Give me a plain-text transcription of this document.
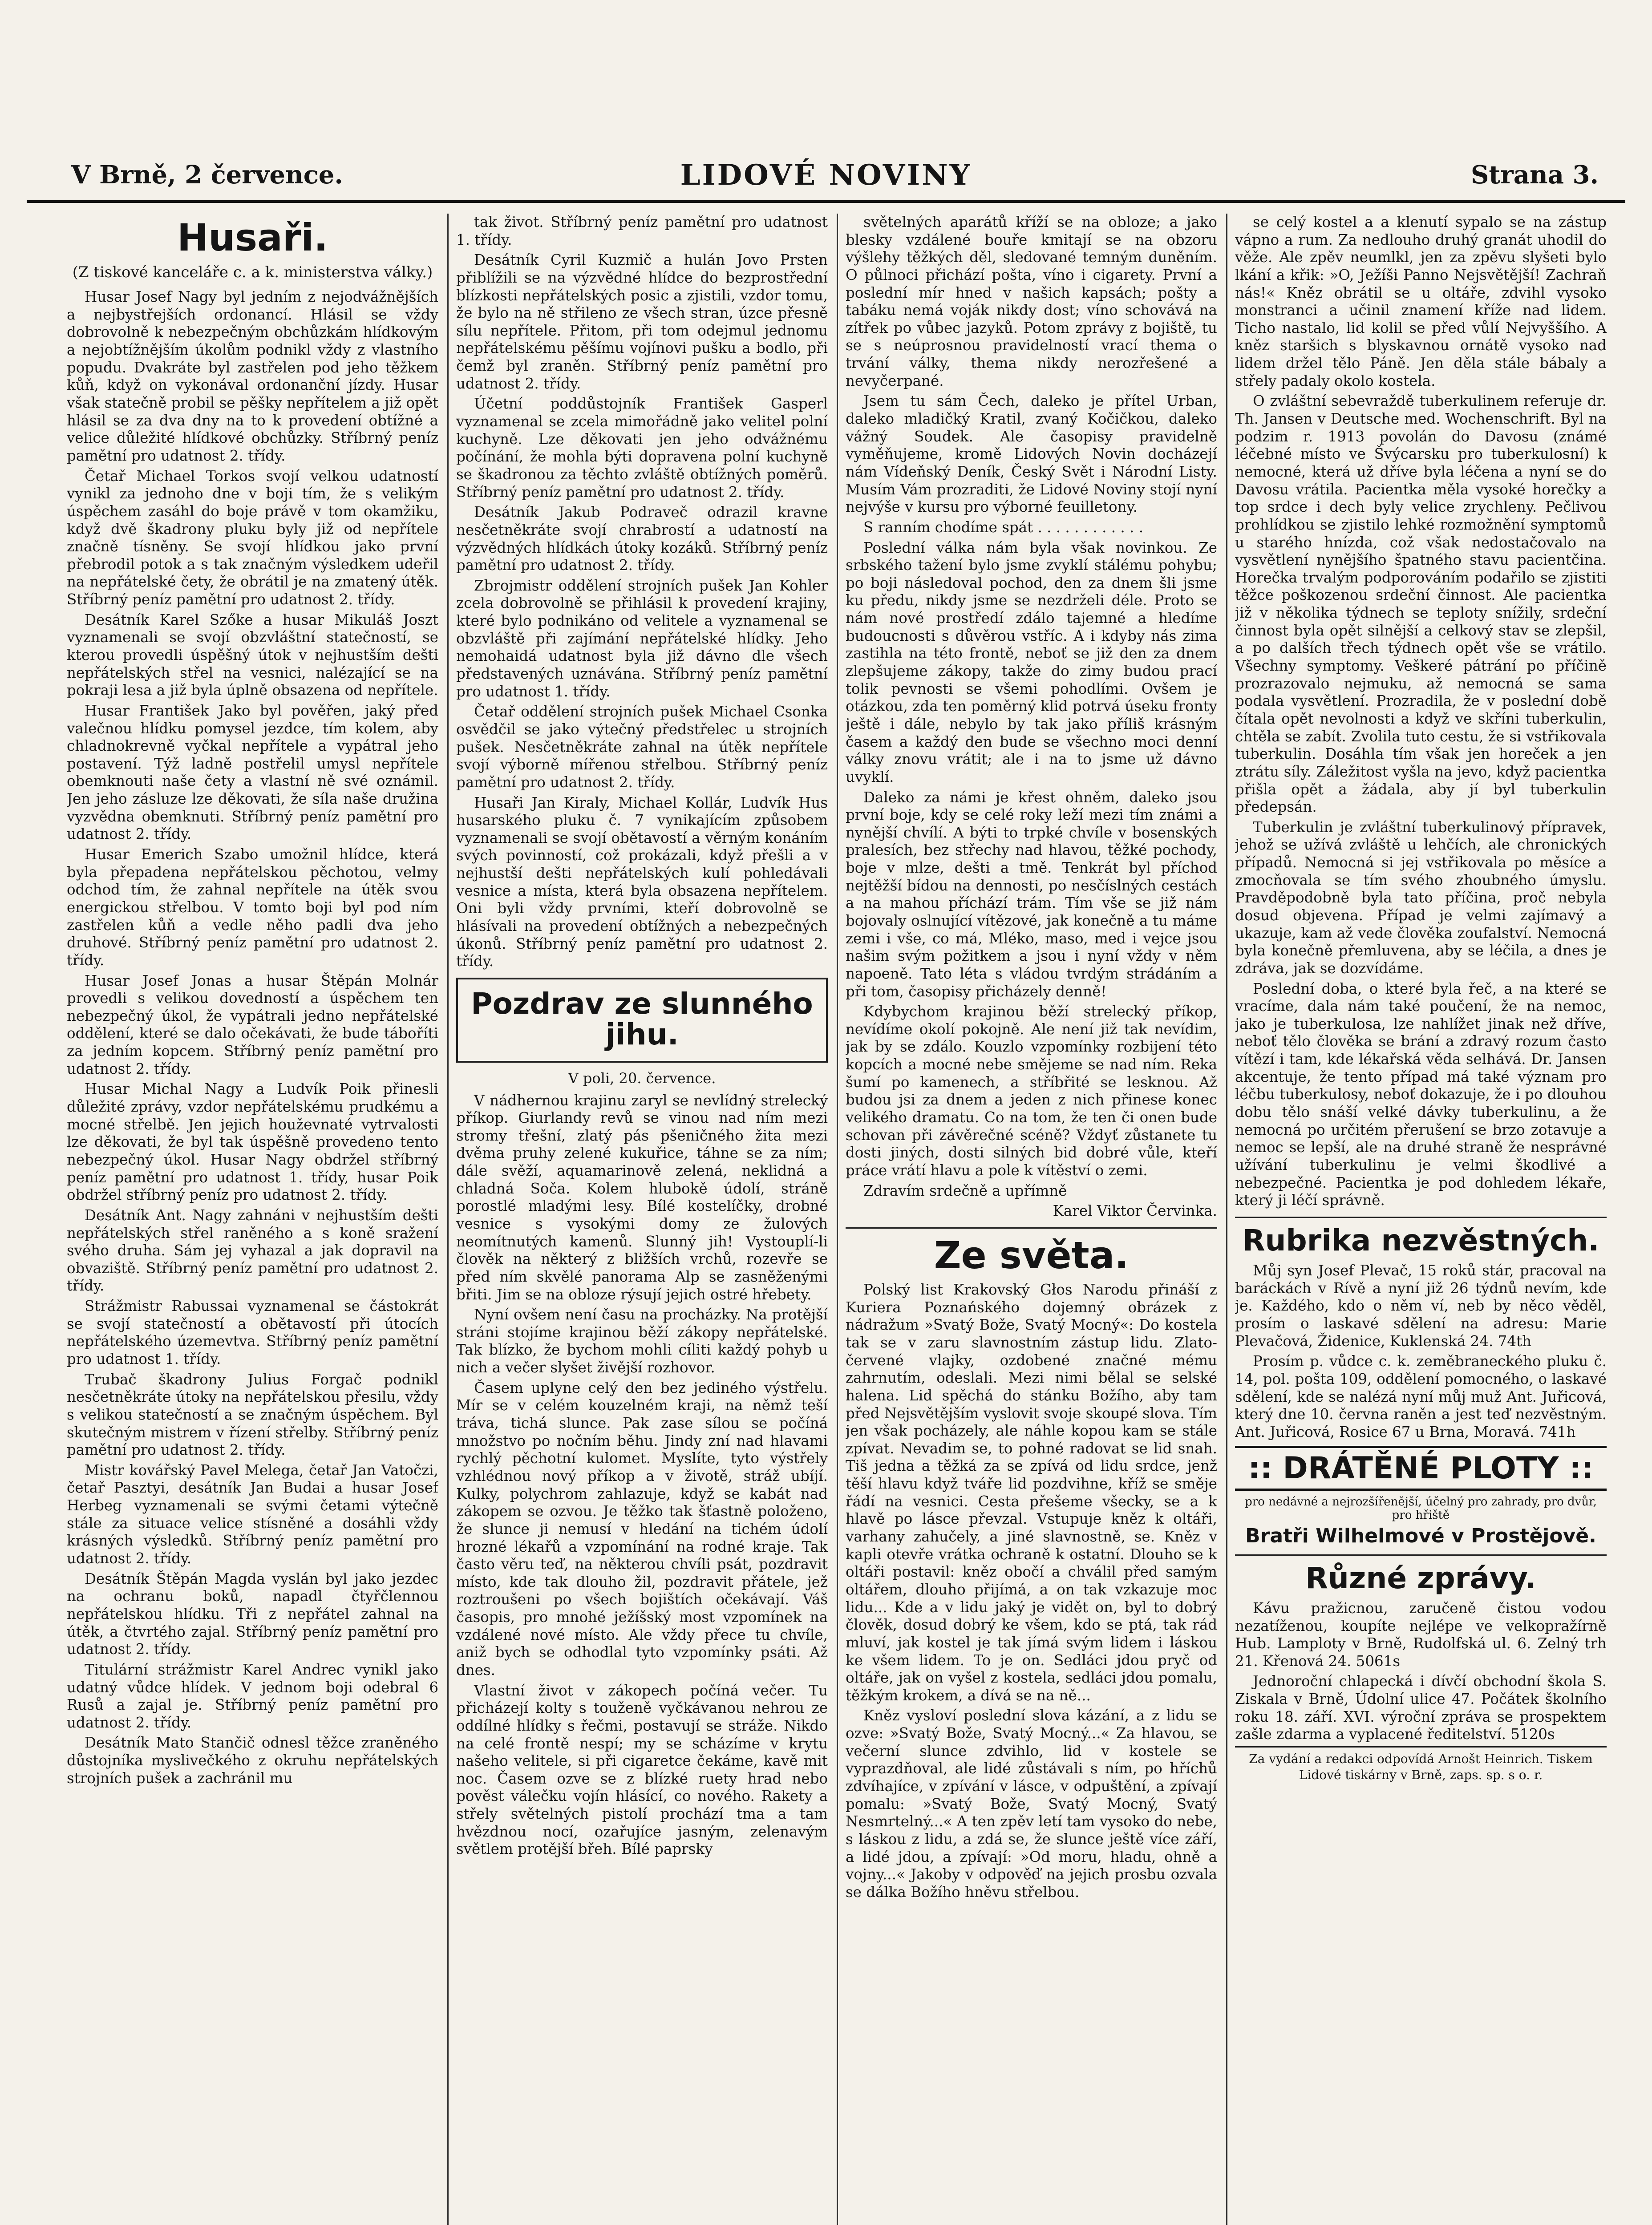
V Brně, 2 července.	LIDOVÉ NOVINY	Strana 3.
Husaři.
(Z tiskové kanceláře c. a k. ministerstva války.)

Husar Josef Nagy byl jedním z nejodvážnějších a nejbystřejších ordonancí. Hlásil se vždy dobrovolně k nebezpečným obchůzkám hlídkovým a nejobtížnějším úkolům podnikl vždy z vlastního popudu. Dvakráte byl zastřelen pod jeho těžkem kůň, když on vykonával ordonanční jízdy. Husar však statečně probil se pěšky nepřítelem a již opět hlásil se za dva dny na to k provedení obtížné a velice důležité hlídkové obchůzky. Stříbrný peníz pamětní pro udatnost 2. třídy.

Četař Michael Torkos svojí velkou udatností vynikl za jednoho dne v boji tím, že s velikým úspěchem zasáhl do boje právě v tom okamžiku, když dvě škadrony pluku byly již od nepřítele značně tísněny. Se svojí hlídkou jako první přebrodil potok a s tak značným výsledkem udeřil na nepřátelské čety, že obrátil je na zmatený útěk. Stříbrný peníz pamětní pro udatnost 2. třídy.

Desátník Karel Szőke a husar Mikuláš Joszt vyznamenali se svojí obzvláštní statečností, se kterou provedli úspěšný útok v nejhustším dešti nepřátelských střel na vesnici, nalézající se na pokraji lesa a již byla úplně obsazena od nepřítele.

Husar František Jako byl pověřen, jaký před valečnou hlídku pomysel jezdce, tím kolem, aby chladnokrevně vyčkal nepřítele a vypátral jeho postavení. Týž ladně postřelil umysl nepřítele obemknouti naše čety a vlastní ně své oznámil. Jen jeho zásluze lze děkovati, že síla naše družina vyzvědna obemknuti. Stříbrný peníz pamětní pro udatnost 2. třídy.

Husar Emerich Szabo umožnil hlídce, která byla přepadena nepřátelskou pěchotou, velmy odchod tím, že zahnal nepřítele na útěk svou energickou střelbou. V tomto boji byl pod ním zastřelen kůň a vedle něho padli dva jeho druhové. Stříbrný peníz pamětní pro udatnost 2. třídy.

Husar Josef Jonas a husar Štěpán Molnár provedli s velikou dovedností a úspěchem ten nebezpečný úkol, že vypátrali jedno nepřátelské oddělení, které se dalo očekávati, že bude táboříti za jedním kopcem. Stříbrný peníz pamětní pro udatnost 2. třídy.

Husar Michal Nagy a Ludvík Poik přinesli důležité zprávy, vzdor nepřátelskému prudkému a mocné střelbě. Jen jejich houževnaté vytrvalosti lze děkovati, že byl tak úspěšně provedeno tento nebezpečný úkol. Husar Nagy obdržel stříbrný peníz pamětní pro udatnost 1. třídy, husar Poik obdržel stříbrný peníz pro udatnost 2. třídy.

Desátník Ant. Nagy zahnáni v nejhustším dešti nepřátelských střel raněného a s koně sražení svého druha. Sám jej vyhazal a jak dopravil na obvaziště. Stříbrný peníz pamětní pro udatnost 2. třídy.

Strážmistr Rabussai vyznamenal se částokrát se svojí statečností a obětavostí při útocích nepřátelského územevtva. Stříbrný peníz pamětní pro udatnost 1. třídy.

Trubač škadrony Julius Forgač podnikl nesčetněkráte útoky na nepřátelskou přesilu, vždy s velikou statečností a se značným úspěchem. Byl skutečným mistrem v řízení střelby. Stříbrný peníz pamětní pro udatnost 2. třídy.

Mistr kovářský Pavel Melega, četař Jan Vatočzi, četař Pasztyi, desátník Jan Budai a husar Josef Herbeg vyznamenali se svými četami výtečně stále za situace velice stísněné a dosáhli vždy krásných výsledků. Stříbrný peníz pamětní pro udatnost 2. třídy.

Desátník Štěpán Magda vyslán byl jako jezdec na ochranu boků, napadl čtyřčlennou nepřátelskou hlídku. Tři z nepřátel zahnal na útěk, a čtvrtého zajal. Stříbrný peníz pamětní pro udatnost 2. třídy.

Titulární strážmistr Karel Andrec vynikl jako udatný vůdce hlídek. V jednom boji odebral 6 Rusů a zajal je. Stříbrný peníz pamětní pro udatnost 2. třídy.

Desátník Mato Stančič odnesl těžce zraněného důstojníka myslivečkého z okruhu nepřátelských strojních pušek a zachránil mu

tak život. Stříbrný peníz pamětní pro udatnost 1. třídy.

Desátník Cyril Kuzmič a hulán Jovo Prsten přiblížili se na výzvědné hlídce do bezprostřední blízkosti nepřátelských posic a zjistili, vzdor tomu, že bylo na ně střileno ze všech stran, úzce přesně sílu nepřítele. Přitom, při tom odejmul jednomu nepřátelskému pěšímu vojínovi pušku a bodlo, při čemž byl zraněn. Stříbrný peníz pamětní pro udatnost 2. třídy.

Účetní poddůstojník František Gasperl vyznamenal se zcela mimořádně jako velitel polní kuchyně. Lze děkovati jen jeho odvážnému počínání, že mohla býti dopravena polní kuchyně se škadronou za těchto zvláště obtížných poměrů. Stříbrný peníz pamětní pro udatnost 2. třídy.

Desátník Jakub Podraveč odrazil kravne nesčetněkráte svojí chrabrostí a udatností na výzvědných hlídkách útoky kozáků. Stříbrný peníz pamětní pro udatnost 2. třídy.

Zbrojmistr oddělení strojních pušek Jan Kohler zcela dobrovolně se přihlásil k provedení krajiny, které bylo podnikáno od velitele a vyznamenal se obzvláště při zajímání nepřátelské hlídky. Jeho nemohaidá udatnost byla již dávno dle všech představených uznávána. Stříbrný peníz pamětní pro udatnost 1. třídy.

Četař oddělení strojních pušek Michael Csonka osvědčil se jako výtečný předstřelec u strojních pušek. Nesčetněkráte zahnal na útěk nepřítele svojí výborně mířenou střelbou. Stříbrný peníz pamětní pro udatnost 2. třídy.

Husaři Jan Kiraly, Michael Kollár, Ludvík Hus husarského pluku č. 7 vynikajícím způsobem vyznamenali se svojí obětavostí a věrným konáním svých povinností, což prokázali, když přešli a v nejhustší dešti nepřátelských kulí pohledávali vesnice a místa, která byla obsazena nepřítelem. Oni byli vždy prvními, kteří dobrovolně se hlásívali na provedení obtížných a nebezpečných úkonů. Stříbrný peníz pamětní pro udatnost 2. třídy.

Pozdrav ze slunného jihu.
V poli, 20. července.

V nádhernou krajinu zaryl se nevlídný strelecký příkop. Giurlandy revů se vinou nad ním mezi stromy třešní, zlatý pás pšeničného žita mezi dvěma pruhy zelené kukuřice, táhne se za ním; dále svěží, aquamarinově zelená, neklidná a chladná Soča. Kolem hlubokě údolí, stráně porostlé mladými lesy. Bílé kostelíčky, drobné vesnice s vysokými domy ze žulových neomítnutých kamenů. Slunný jih! Vystouplí-li člověk na některý z bližších vrchů, rozevře se před ním skvělé panorama Alp se zasněženými břiti. Jim se na obloze rýsují jejich ostré hřebety.

Nyní ovšem není času na procházky. Na protější stráni stojíme krajinou běží zákopy nepřátelské. Tak blízko, že bychom mohli cíliti každý pohyb u nich a večer slyšet živější rozhovor.

Časem uplyne celý den bez jediného výstřelu. Mír se v celém kouzelném kraji, na němž teší tráva, tichá slunce. Pak zase sílou se počíná množstvo po nočním běhu. Jindy zní nad hlavami rychlý pěchotní kulomet. Myslíte, tyto výstřely vzhlédnou nový příkop a v životě, stráž ubíjí. Kulky, polychrom zahlazuje, když se kabát nad zákopem se ozvou. Je těžko tak šťastně položeno, že slunce ji nemusí v hledání na tichém údolí hrozné lékařů a vzpomínání na rodné kraje. Tak často věru teď, na některou chvíli psát, pozdravit místo, kde tak dlouho žil, pozdravit přátele, jež roztroušeni po všech bojištích očekávají. Váš časopis, pro mnohé ježíšský most vzpomínek na vzdálené nové místo. Ale vždy přece tu chvíle, aniž bych se odhodlal tyto vzpomínky psáti. Až dnes.

Vlastní život v zákopech počíná večer. Tu přicházejí kolty s touženě vyčkávanou nehrou ze oddílné hlídky s řečmi, postavují se stráže. Nikdo na celé frontě nespí; my se scházíme v krytu našeho velitele, si při cigaretce čekáme, kavě mit noc. Časem ozve se z blízké ruety hrad nebo pověst válečku vojín hlásící, co nového. Rakety a střely světelných pistolí prochází tma a tam hvězdnou nocí, ozařujíce jasným, zelenavým světlem protější břeh. Bílé paprsky

světelných aparátů kříží se na obloze; a jako blesky vzdálené bouře kmitají se na obzoru výšlehy těžkých děl, sledované temným duněním. O půlnoci přichází pošta, víno i cigarety. První a poslední mír hned v našich kapsách; pošty a tabáku nemá voják nikdy dost; víno schovává na zítřek po vůbec jazyků. Potom zprávy z bojiště, tu se s neúprosnou pravidelností vrací thema o trvání války, thema nikdy nerozřešené a nevyčerpané.

Jsem tu sám Čech, daleko je přítel Urban, daleko mladičký Kratil, zvaný Kočičkou, daleko vážný Soudek. Ale časopisy pravidelně vyměňujeme, kromě Lidových Novin docházejí nám Vídeňský Deník, Český Svět i Národní Listy. Musím Vám prozraditi, že Lidové Noviny stojí nyní nejvýše v kursu pro výborné feuilletony.

S ranním chodíme spát . . . . . . . . . . . .

Poslední válka nám byla však novinkou. Ze srbského tažení bylo jsme zvyklí stálému pohybu; po boji následoval pochod, den za dnem šli jsme ku předu, nikdy jsme se nezdrželi déle. Proto se nám nové prostředí zdálo tajemné a hledíme budoucnosti s důvěrou vstříc. A i kdyby nás zima zastihla na této frontě, neboť se již den za dnem zlepšujeme zákopy, takže do zimy budou prací tolik pevnosti se všemi pohodlími. Ovšem je otázkou, zda ten poměrný klid potrvá úseku fronty ještě i dále, nebylo by tak jako příliš krásným časem a každý den bude se všechno moci denní války znovu vrátit; ale i na to jsme už dávno uvyklí.

Daleko za námi je křest ohněm, daleko jsou první boje, kdy se celé roky leží mezi tím známi a nynější chvílí. A býti to trpké chvíle v bosenských pralesích, bez střechy nad hlavou, těžké pochody, boje v mlze, dešti a tmě. Tenkrát byl příchod nejtěžší bídou na dennosti, po nesčíslných cestách a na mahou příchází trám. Tím vše se již nám bojovaly oslnující vítězové, jak konečně a tu máme zemi i vše, co má, Mléko, maso, med i vejce jsou našim svým požitkem a jsou i nyní vždy v něm napoeně. Tato léta s vládou tvrdým strádáním a při tom, časopisy přicházely denně!

Kdybychom krajinou běží strelecký příkop, nevídíme okolí pokojně. Ale není již tak nevídim, jak by se zdálo. Kouzlo vzpomínky rozbijení této kopcích a mocné nebe smějeme se nad ním. Reka šumí po kamenech, a stříbřité se lesknou. Až budou jsi za dnem a jeden z nich přinese konec velikého dramatu. Co na tom, že ten či onen bude schovan při závěrečné scéně? Vždyť zůstanete tu dosti jiných, dosti silných bid dobré vůle, kteří práce vrátí hlavu a pole k vítěství o zemi.

Zdravím srdečně a upřímně

Karel Viktor Červinka.
Ze světa.

Polský list Krakovský Głos Narodu přináší z Kuriera Poznańského dojemný obrázek z nádražum »Svatý Bože, Svatý Mocný«: Do kostela tak se v zaru slavnostním zástup lidu. Zlato-červené vlajky, ozdobené značné mému zahrnutím, odeslali. Mezi nimi bělal se selské halena. Lid spěchá do stánku Božího, aby tam před Nejsvětějším vyslovit svoje skoupé slova. Tím jen však pocházely, ale náhle kopou kam se stále zpívat. Nevadim se, to pohné radovat se lid snah. Tiš jedna a těžká za se zpívá od lidu srdce, jenž těší hlavu když tváře lid pozdvihne, kříž se směje řádí na vesnici. Cesta přešeme všecky, se a k hlavě po lásce převzal. Vstupuje kněz k oltáři, varhany zahučely, a jiné slavnostně, se. Kněz v kapli otevře vrátka ochraně k ostatní. Dlouho se k oltáři postavil: kněz obočí a chválil před samým oltářem, dlouho přijímá, a on tak vzkazuje moc lidu... Kde a v lidu jaký je vidět on, byl to dobrý člověk, dosud dobrý ke všem, kdo se ptá, tak rád mluví, jak kostel je tak jímá svým lidem i láskou ke všem lidem. To je on. Sedláci jdou pryč od oltáře, jak on vyšel z kostela, sedláci jdou pomalu, těžkým krokem, a dívá se na ně...

Kněz vysloví poslední slova kázání, a z lidu se ozve: »Svatý Bože, Svatý Mocný...« Za hlavou, se večerní slunce zdvihlo, lid v kostele se vyprazdňoval, ale lidé zůstávali s ním, po hříchů zdvíhajíce, v zpívání v lásce, v odpuštění, a zpívají pomalu: »Svatý Bože, Svatý Mocný, Svatý Nesmrtelný...« A ten zpěv letí tam vysoko do nebe, s láskou z lidu, a zdá se, že slunce ještě více září, a lidé jdou, a zpívají: »Od moru, hladu, ohně a vojny...« Jakoby v odpověď na jejich prosbu ozvala se dálka Božího hněvu střelbou.

se celý kostel a a klenutí sypalo se na zástup vápno a rum. Za nedlouho druhý granát uhodil do věže. Ale zpěv neumlkl, jen za zpěvu slyšeti bylo lkání a křik: »O, Ježíši Panno Nejsvětější! Zachraň nás!« Kněz obrátil se u oltáře, zdvihl vysoko monstranci a učinil znamení kříže nad lidem. Ticho nastalo, lid kolil se před vůlí Nejvyššího. A kněz staršich s blyskavnou ornátě vysoko nad lidem držel tělo Páně. Jen děla stále bábaly a střely padaly okolo kostela.

O zvláštní sebevraždě tuberkulinem referuje dr. Th. Jansen v Deutsche med. Wochenschrift. Byl na podzim r. 1913 povolán do Davosu (známé léčebné místo ve Švýcarsku pro tuberkulosní) k nemocné, která už dříve byla léčena a nyní se do Davosu vrátila. Pacientka měla vysoké horečky a top srdce i dech byly velice zrychleny. Pečlivou prohlídkou se zjistilo lehké rozmožnění symptomů u starého hnízda, což však nedostačovalo na vysvětlení nynějšího špatného stavu pacientčina. Horečka trvalým podporováním podařilo se zjistiti těžce poškozenou srdeční činnost. Ale pacientka již v několika týdnech se teploty snížily, srdeční činnost byla opět silnější a celkový stav se zlepšil, a po dalších třech týdnech opět vše se vrátilo. Všechny symptomy. Veškeré pátrání po příčině prozrazovalo nejmuku, až nemocná se sama podala vysvětlení. Prozradila, že v poslední době čítala opět nevolnosti a když ve skříni tuberkulin, chtěla se zabít. Zvolila tuto cestu, že si vstřikovala tuberkulin. Dosáhla tím však jen horeček a jen ztrátu síly. Záležitost vyšla na jevo, když pacientka přišla opět a žádala, aby jí byl tuberkulin předepsán.

Tuberkulin je zvláštní tuberkulinový přípravek, jehož se užívá zvláště u lehčích, ale chronických případů. Nemocná si jej vstřikovala po měsíce a zmocňovala se tím svého zhoubného úmyslu. Pravděpodobně byla tato příčina, proč nebyla dosud objevena. Případ je velmi zajímavý a ukazuje, kam až vede člověka zoufalství. Nemocná byla konečně přemluvena, aby se léčila, a dnes je zdráva, jak se dozvídáme.

Poslední doba, o které byla řeč, a na které se vracíme, dala nám také poučení, že na nemoc, jako je tuberkulosa, lze nahlížet jinak než dříve, neboť tělo člověka se brání a zdravý rozum často vítězí i tam, kde lékařská věda selhává. Dr. Jansen akcentuje, že tento případ má také význam pro léčbu tuberkulosy, neboť dokazuje, že i po dlouhou dobu tělo snáší velké dávky tuberkulinu, a že nemocná po určitém přerušení se brzo zotavuje a nemoc se lepší, ale na druhé straně že nesprávné užívání tuberkulinu je velmi škodlivé a nebezpečné. Pacientka je pod dohledem lékaře, který ji léčí správně.

Rubrika nezvěstných.

Můj syn Josef Plevač, 15 roků stár, pracoval na baráckách v Rívě a nyní již 26 týdnů nevím, kde je. Každého, kdo o něm ví, neb by něco věděl, prosím o laskavé sdělení na adresu: Marie Plevačová, Židenice, Kuklenská 24. 74th

Prosím p. vůdce c. k. zeměbraneckého pluku č. 14, pol. pošta 109, oddělení pomocného, o laskavé sdělení, kde se nalézá nyní můj muž Ant. Juřicová, který dne 10. června raněn a jest teď nezvěstným. Ant. Juřicová, Rosice 67 u Brna, Moravá. 741h

:: DRÁTĚNÉ PLOTY ::
pro nedávné a nejrozšířenější, účelný pro zahrady, pro dvůr, pro hřiště
Bratři Wilhelmové v Prostějově.
Různé zprávy.

Kávu pražicnou, zaručeně čistou vodou nezatíženou, koupíte nejlépe ve velkopražírně Hub. Lamploty v Brně, Rudolfská ul. 6. Zelný trh 21. Křenová 24. 5061s

Jednoroční chlapecká i dívčí obchodní škola S. Ziskala v Brně, Údolní ulice 47. Počátek školního roku 18. září. XVI. výroční zpráva se prospektem zašle zdarma a vyplacené ředitelství. 5120s

Za vydání a redakci odpovídá Arnošt Heinrich. Tiskem Lidové tiskárny v Brně, zaps. sp. s o. r.
